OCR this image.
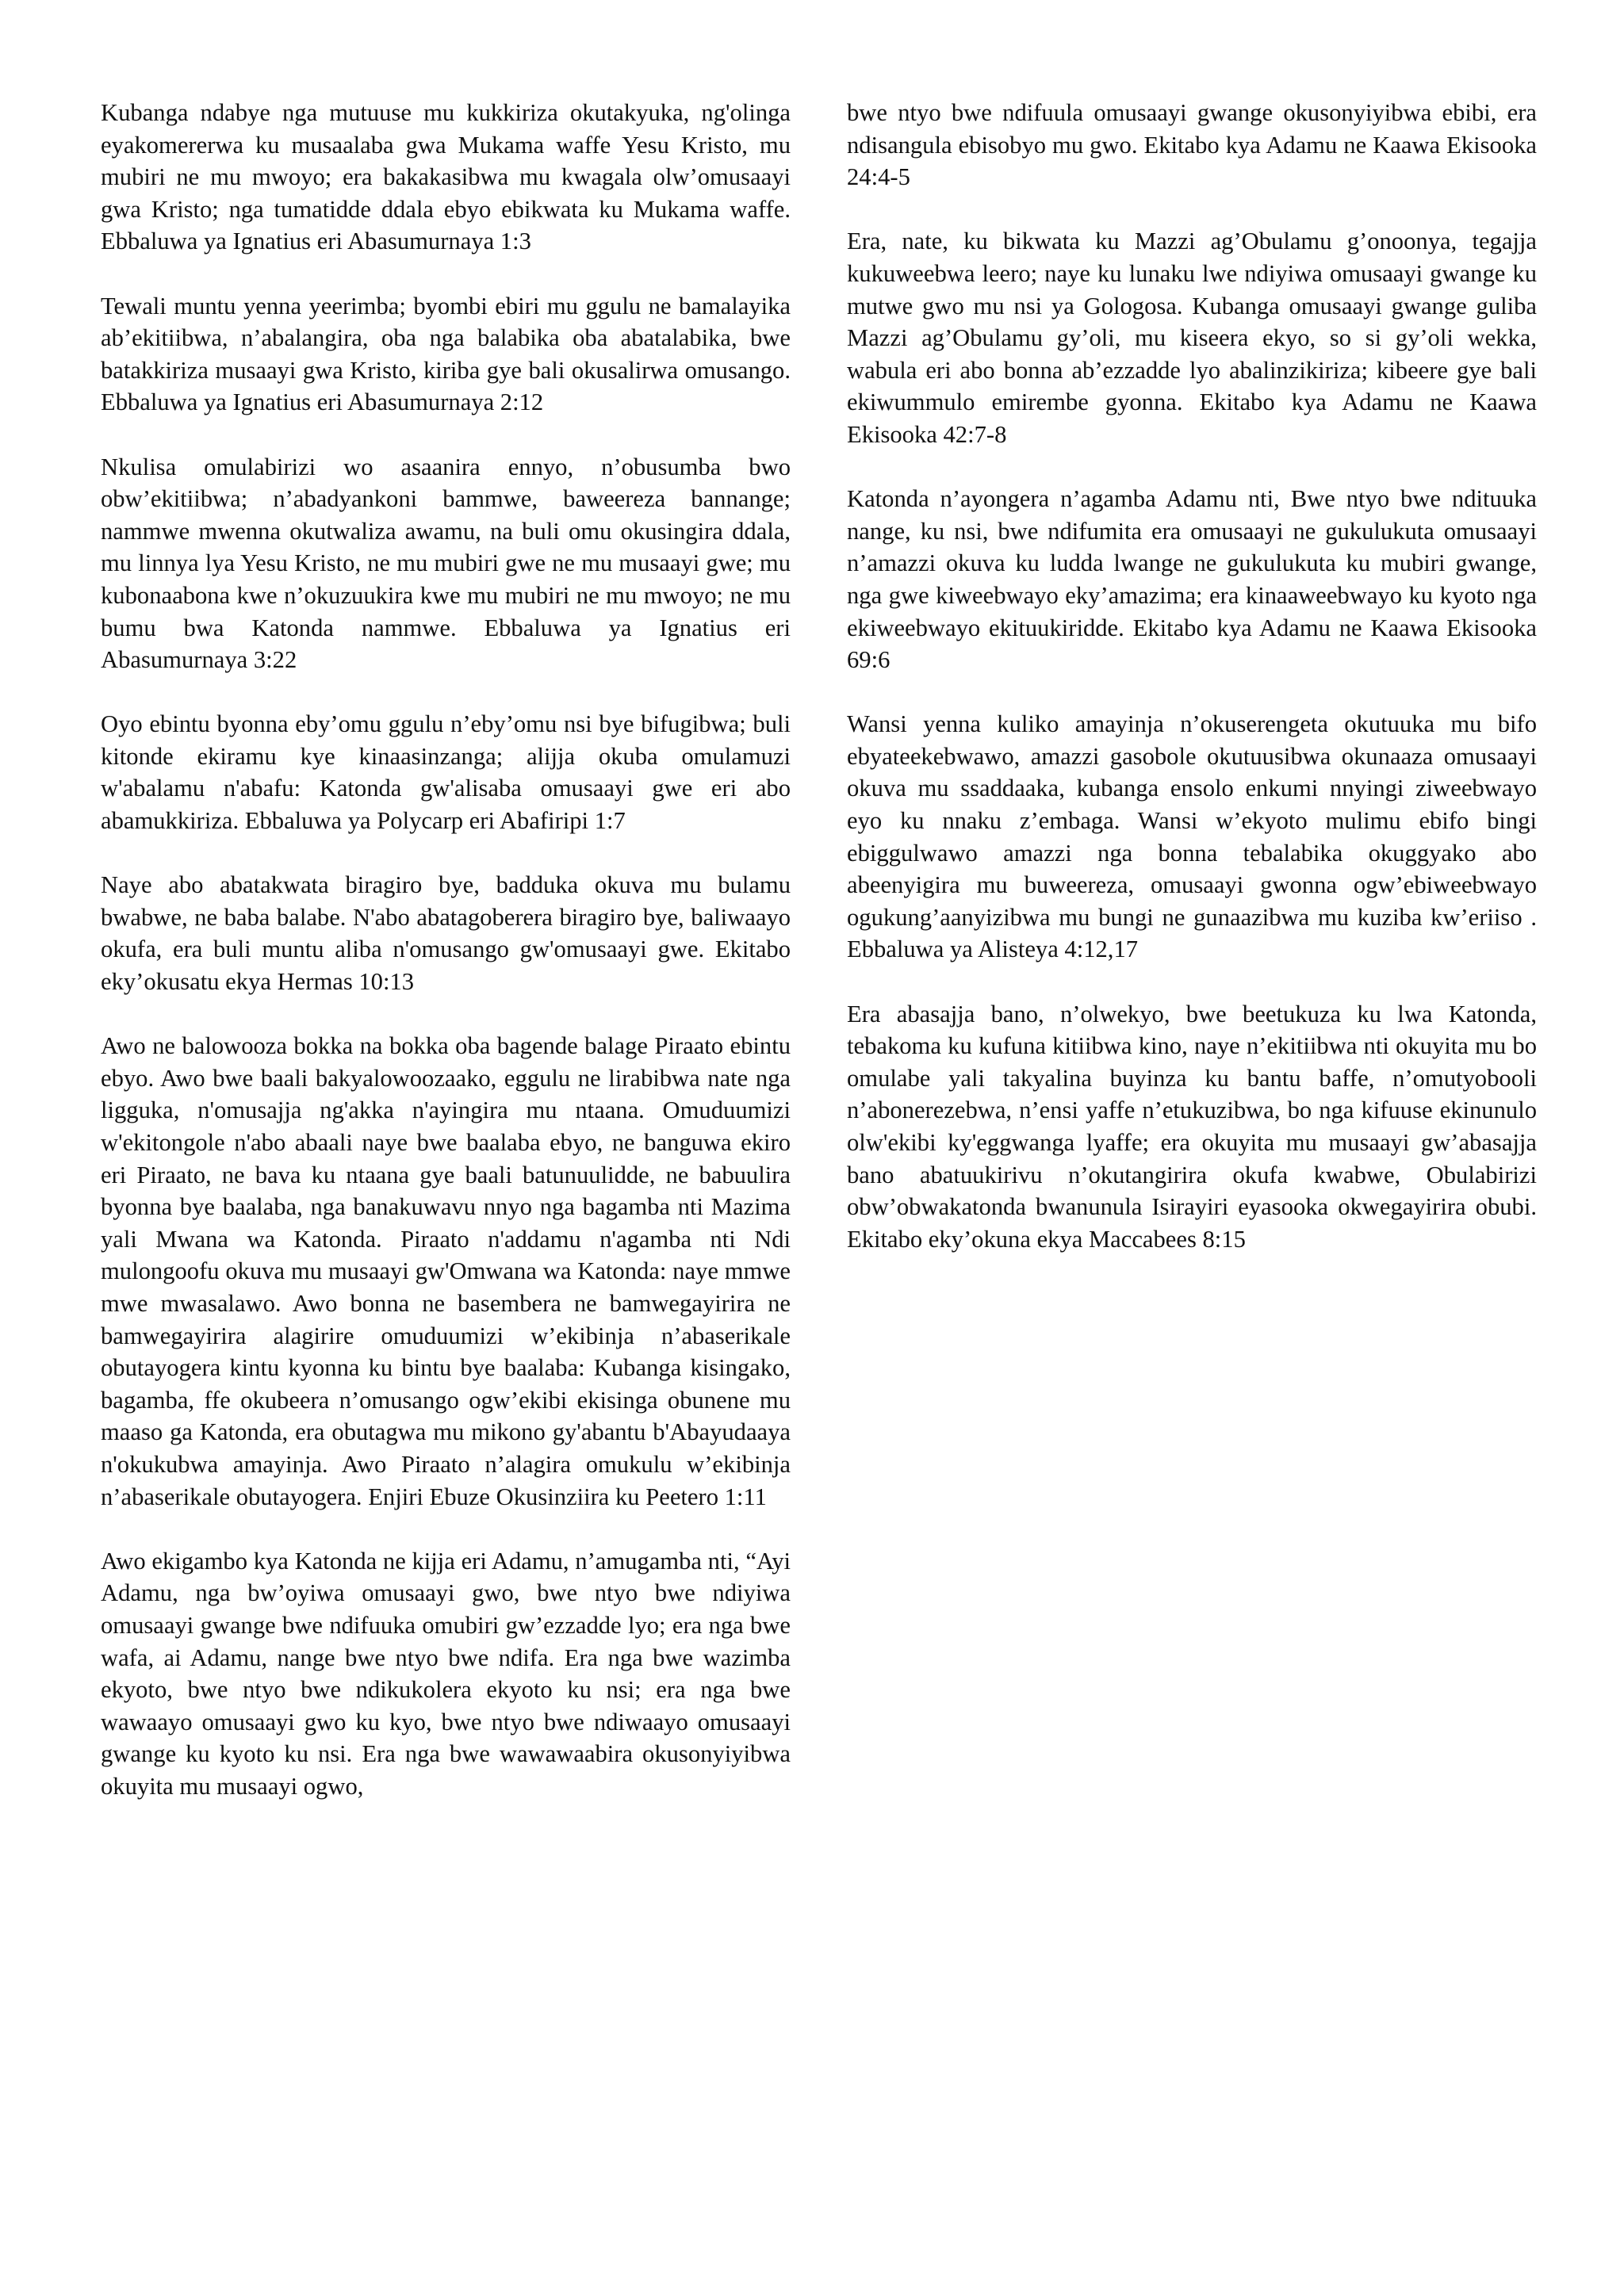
Kubanga ndabye nga mutuuse mu kukkiriza okutakyuka, ng'olinga eyakomererwa ku musaalaba gwa Mukama waffe Yesu Kristo, mu mubiri ne mu mwoyo; era bakakasibwa mu kwagala olw’omusaayi gwa Kristo; nga tumatidde ddala ebyo ebikwata ku Mukama waffe. Ebbaluwa ya Ignatius eri Abasumurnaya 1:3

Tewali muntu yenna yeerimba; byombi ebiri mu ggulu ne bamalayika ab’ekitiibwa, n’abalangira, oba nga balabika oba abatalabika, bwe batakkiriza musaayi gwa Kristo, kiriba gye bali okusalirwa omusango. Ebbaluwa ya Ignatius eri Abasumurnaya 2:12

Nkulisa omulabirizi wo asaanira ennyo, n’obusumba bwo obw’ekitiibwa; n’abadyankoni bammwe, baweereza bannange; nammwe mwenna okutwaliza awamu, na buli omu okusingira ddala, mu linnya lya Yesu Kristo, ne mu mubiri gwe ne mu musaayi gwe; mu kubonaabona kwe n’okuzuukira kwe mu mubiri ne mu mwoyo; ne mu bumu bwa Katonda nammwe. Ebbaluwa ya Ignatius eri Abasumurnaya 3:22

Oyo ebintu byonna eby’omu ggulu n’eby’omu nsi bye bifugibwa; buli kitonde ekiramu kye kinaasinzanga; alijja okuba omulamuzi w'abalamu n'abafu: Katonda gw'alisaba omusaayi gwe eri abo abamukkiriza. Ebbaluwa ya Polycarp eri Abafiripi 1:7

Naye abo abatakwata biragiro bye, badduka okuva mu bulamu bwabwe, ne baba balabe. N'abo abatagoberera biragiro bye, baliwaayo okufa, era buli muntu aliba n'omusango gw'omusaayi gwe. Ekitabo eky’okusatu ekya Hermas 10:13

Awo ne balowooza bokka na bokka oba bagende balage Piraato ebintu ebyo. Awo bwe baali bakyalowoozaako, eggulu ne lirabibwa nate nga ligguka, n'omusajja ng'akka n'ayingira mu ntaana. Omuduumizi w'ekitongole n'abo abaali naye bwe baalaba ebyo, ne banguwa ekiro eri Piraato, ne bava ku ntaana gye baali batunuulidde, ne babuulira byonna bye baalaba, nga banakuwavu nnyo nga bagamba nti Mazima yali Mwana wa Katonda. Piraato n'addamu n'agamba nti Ndi mulongoofu okuva mu musaayi gw'Omwana wa Katonda: naye mmwe mwe mwasalawo. Awo bonna ne basembera ne bamwegayirira ne bamwegayirira alagirire omuduumizi w’ekibinja n’abaserikale obutayogera kintu kyonna ku bintu bye baalaba: Kubanga kisingako, bagamba, ffe okubeera n’omusango ogw’ekibi ekisinga obunene mu maaso ga Katonda, era obutagwa mu mikono gy'abantu b'Abayudaaya n'okukubwa amayinja. Awo Piraato n’alagira omukulu w’ekibinja n’abaserikale obutayogera. Enjiri Ebuze Okusinziira ku Peetero 1:11

Awo ekigambo kya Katonda ne kijja eri Adamu, n’amugamba nti, “Ayi Adamu, nga bw’oyiwa omusaayi gwo, bwe ntyo bwe ndiyiwa omusaayi gwange bwe ndifuuka omubiri gw’ezzadde lyo; era nga bwe wafa, ai Adamu, nange bwe ntyo bwe ndifa. Era nga bwe wazimba ekyoto, bwe ntyo bwe ndikukolera ekyoto ku nsi; era nga bwe wawaayo omusaayi gwo ku kyo, bwe ntyo bwe ndiwaayo omusaayi gwange ku kyoto ku nsi. Era nga bwe wawawaabira okusonyiyibwa okuyita mu musaayi ogwo,

bwe ntyo bwe ndifuula omusaayi gwange okusonyiyibwa ebibi, era ndisangula ebisobyo mu gwo. Ekitabo kya Adamu ne Kaawa Ekisooka 24:4-5

Era, nate, ku bikwata ku Mazzi ag’Obulamu g’onoonya, tegajja kukuweebwa leero; naye ku lunaku lwe ndiyiwa omusaayi gwange ku mutwe gwo mu nsi ya Gologosa. Kubanga omusaayi gwange guliba Mazzi ag’Obulamu gy’oli, mu kiseera ekyo, so si gy’oli wekka, wabula eri abo bonna ab’ezzadde lyo abalinzikiriza; kibeere gye bali ekiwummulo emirembe gyonna. Ekitabo kya Adamu ne Kaawa Ekisooka 42:7-8

Katonda n’ayongera n’agamba Adamu nti, Bwe ntyo bwe ndituuka nange, ku nsi, bwe ndifumita era omusaayi ne gukulukuta omusaayi n’amazzi okuva ku ludda lwange ne gukulukuta ku mubiri gwange, nga gwe kiweebwayo eky’amazima; era kinaaweebwayo ku kyoto nga ekiweebwayo ekituukiridde. Ekitabo kya Adamu ne Kaawa Ekisooka 69:6

Wansi yenna kuliko amayinja n’okuserengeta okutuuka mu bifo ebyateekebwawo, amazzi gasobole okutuusibwa okunaaza omusaayi okuva mu ssaddaaka, kubanga ensolo enkumi nnyingi ziweebwayo eyo ku nnaku z’embaga. Wansi w’ekyoto mulimu ebifo bingi ebiggulwawo amazzi nga bonna tebalabika okuggyako abo abeenyigira mu buweereza, omusaayi gwonna ogw’ebiweebwayo ogukung’aanyizibwa mu bungi ne gunaazibwa mu kuziba kw’eriiso . Ebbaluwa ya Alisteya 4:12,17

Era abasajja bano, n’olwekyo, bwe beetukuza ku lwa Katonda, tebakoma ku kufuna kitiibwa kino, naye n’ekitiibwa nti okuyita mu bo omulabe yali takyalina buyinza ku bantu baffe, n’omutyobooli n’abonerezebwa, n’ensi yaffe n’etukuzibwa, bo nga kifuuse ekinunulo olw'ekibi ky'eggwanga lyaffe; era okuyita mu musaayi gw’abasajja bano abatuukirivu n’okutangirira okufa kwabwe, Obulabirizi obw’obwakatonda bwanunula Isirayiri eyasooka okwegayirira obubi. Ekitabo eky’okuna ekya Maccabees 8:15
